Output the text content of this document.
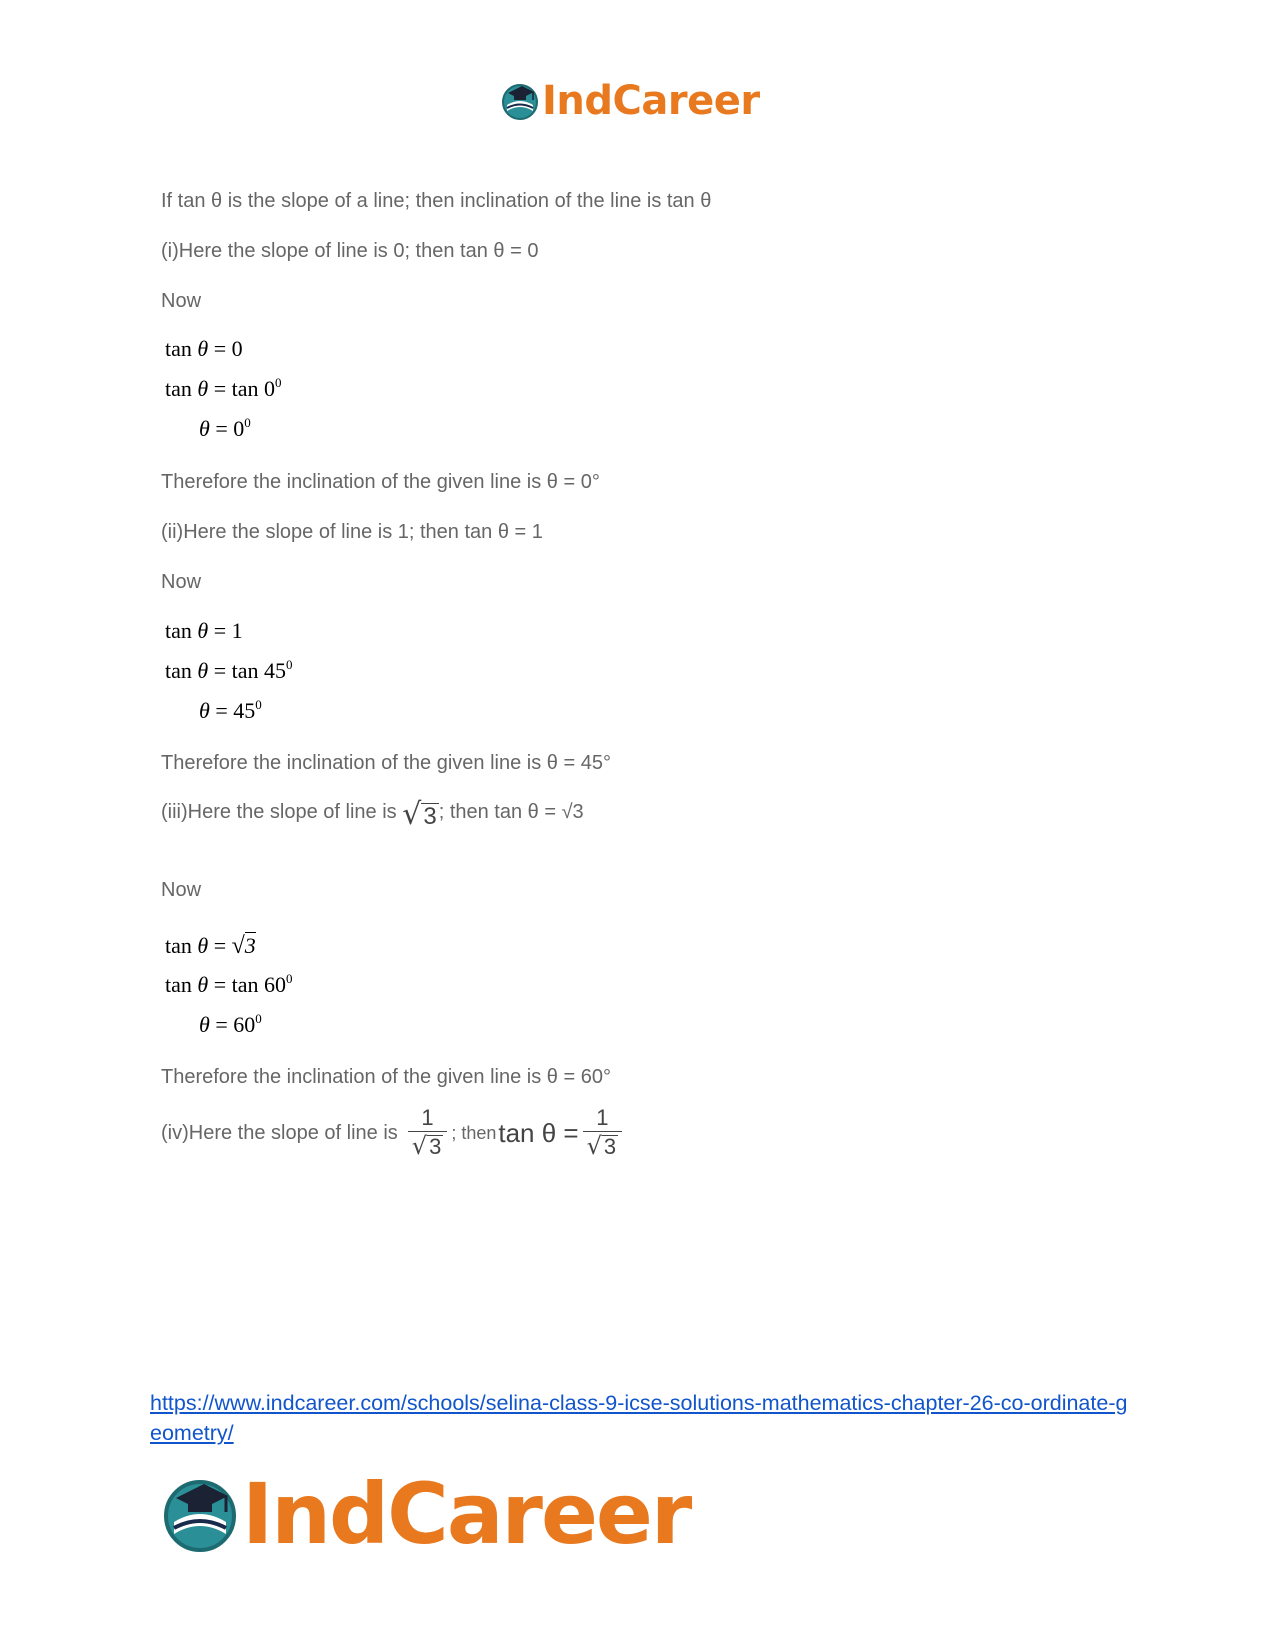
IndCareer
If tan θ is the slope of a line; then inclination of the line is tan θ
(i)Here the slope of line is 0; then tan θ = 0
Now
tan θ = 0
$\tan \theta = \tan 0^0$
$\theta = 0^0$
Therefore the inclination of the given line is θ = 0°
(ii)Here the slope of line is 1; then tan θ = 1
Now
tan θ = 1
$\tan \theta = \tan 45^0$
$\theta = 45^0$
Therefore the inclination of the given line is θ = 45°
(iii)Here the slope of line is √ 3 ; then tan θ = √3
Now
tan θ = √ 3
$\tan \theta = \tan 60^0$
$\theta = 60^0$
Therefore the inclination of the given line is θ = 60°
(iv)Here the slope of line is $\frac{1}{√ 3}$ ; then $\tan \theta = \frac{1}{√ 3}$
https://www.indcareer.com/schools/selina-class-9-icse-solutions-mathematics-chapter-26-co-ordinate-geometry/
IndCareer
